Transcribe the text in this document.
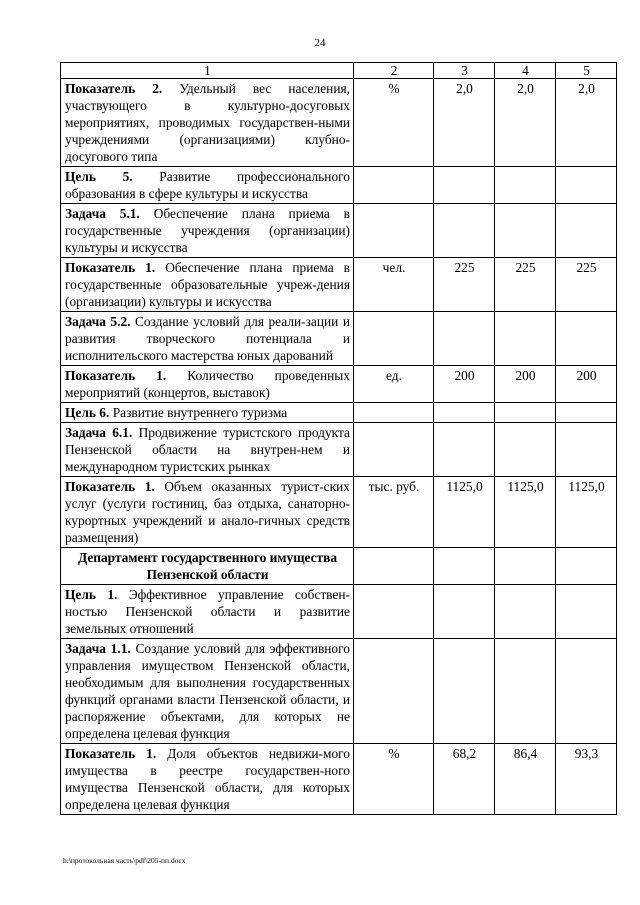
24
1	2	3	4	5
Показатель 2. Удельный вес населения, участвующего в культурно-досуговых мероприятиях, проводимых государствен-ными учреждениями (организациями) клубно-досугового типа	%	2,0	2,0	2,0
Цель 5. Развитие профессионального образования в сфере культуры и искусства				
Задача 5.1. Обеспечение плана приема в государственные учреждения (организации) культуры и искусства				
Показатель 1. Обеспечение плана приема в государственные образовательные учреж-дения (организации) культуры и искусства	чел.	225	225	225
Задача 5.2. Создание условий для реали-зации и развития творческого потенциала и исполнительского мастерства юных дарований				
Показатель 1. Количество проведенных мероприятий (концертов, выставок)	ед.	200	200	200
Цель 6. Развитие внутреннего туризма				
Задача 6.1. Продвижение туристского продукта Пензенской области на внутрен-нем и международном туристских рынках				
Показатель 1. Объем оказанных турист-ских услуг (услуги гостиниц, баз отдыха, санаторно-курортных учреждений и анало-гичных средств размещения)	тыс. руб.	1125,0	1125,0	1125,0
Департамент государственного имущества Пензенской области				
Цель 1. Эффективное управление собствен-ностью Пензенской области и развитие земельных отношений				
Задача 1.1. Создание условий для эффективного управления имуществом Пензенской области, необходимым для выполнения государственных функций органами власти Пензенской области, и распоряжение объектами, для которых не определена целевая функция				
Показатель 1. Доля объектов недвижи-мого имущества в реестре государствен-ного имущества Пензенской области, для которых определена целевая функция	%	68,2	86,4	93,3
h:\протокольная часть\pdf\205-пп.docx
